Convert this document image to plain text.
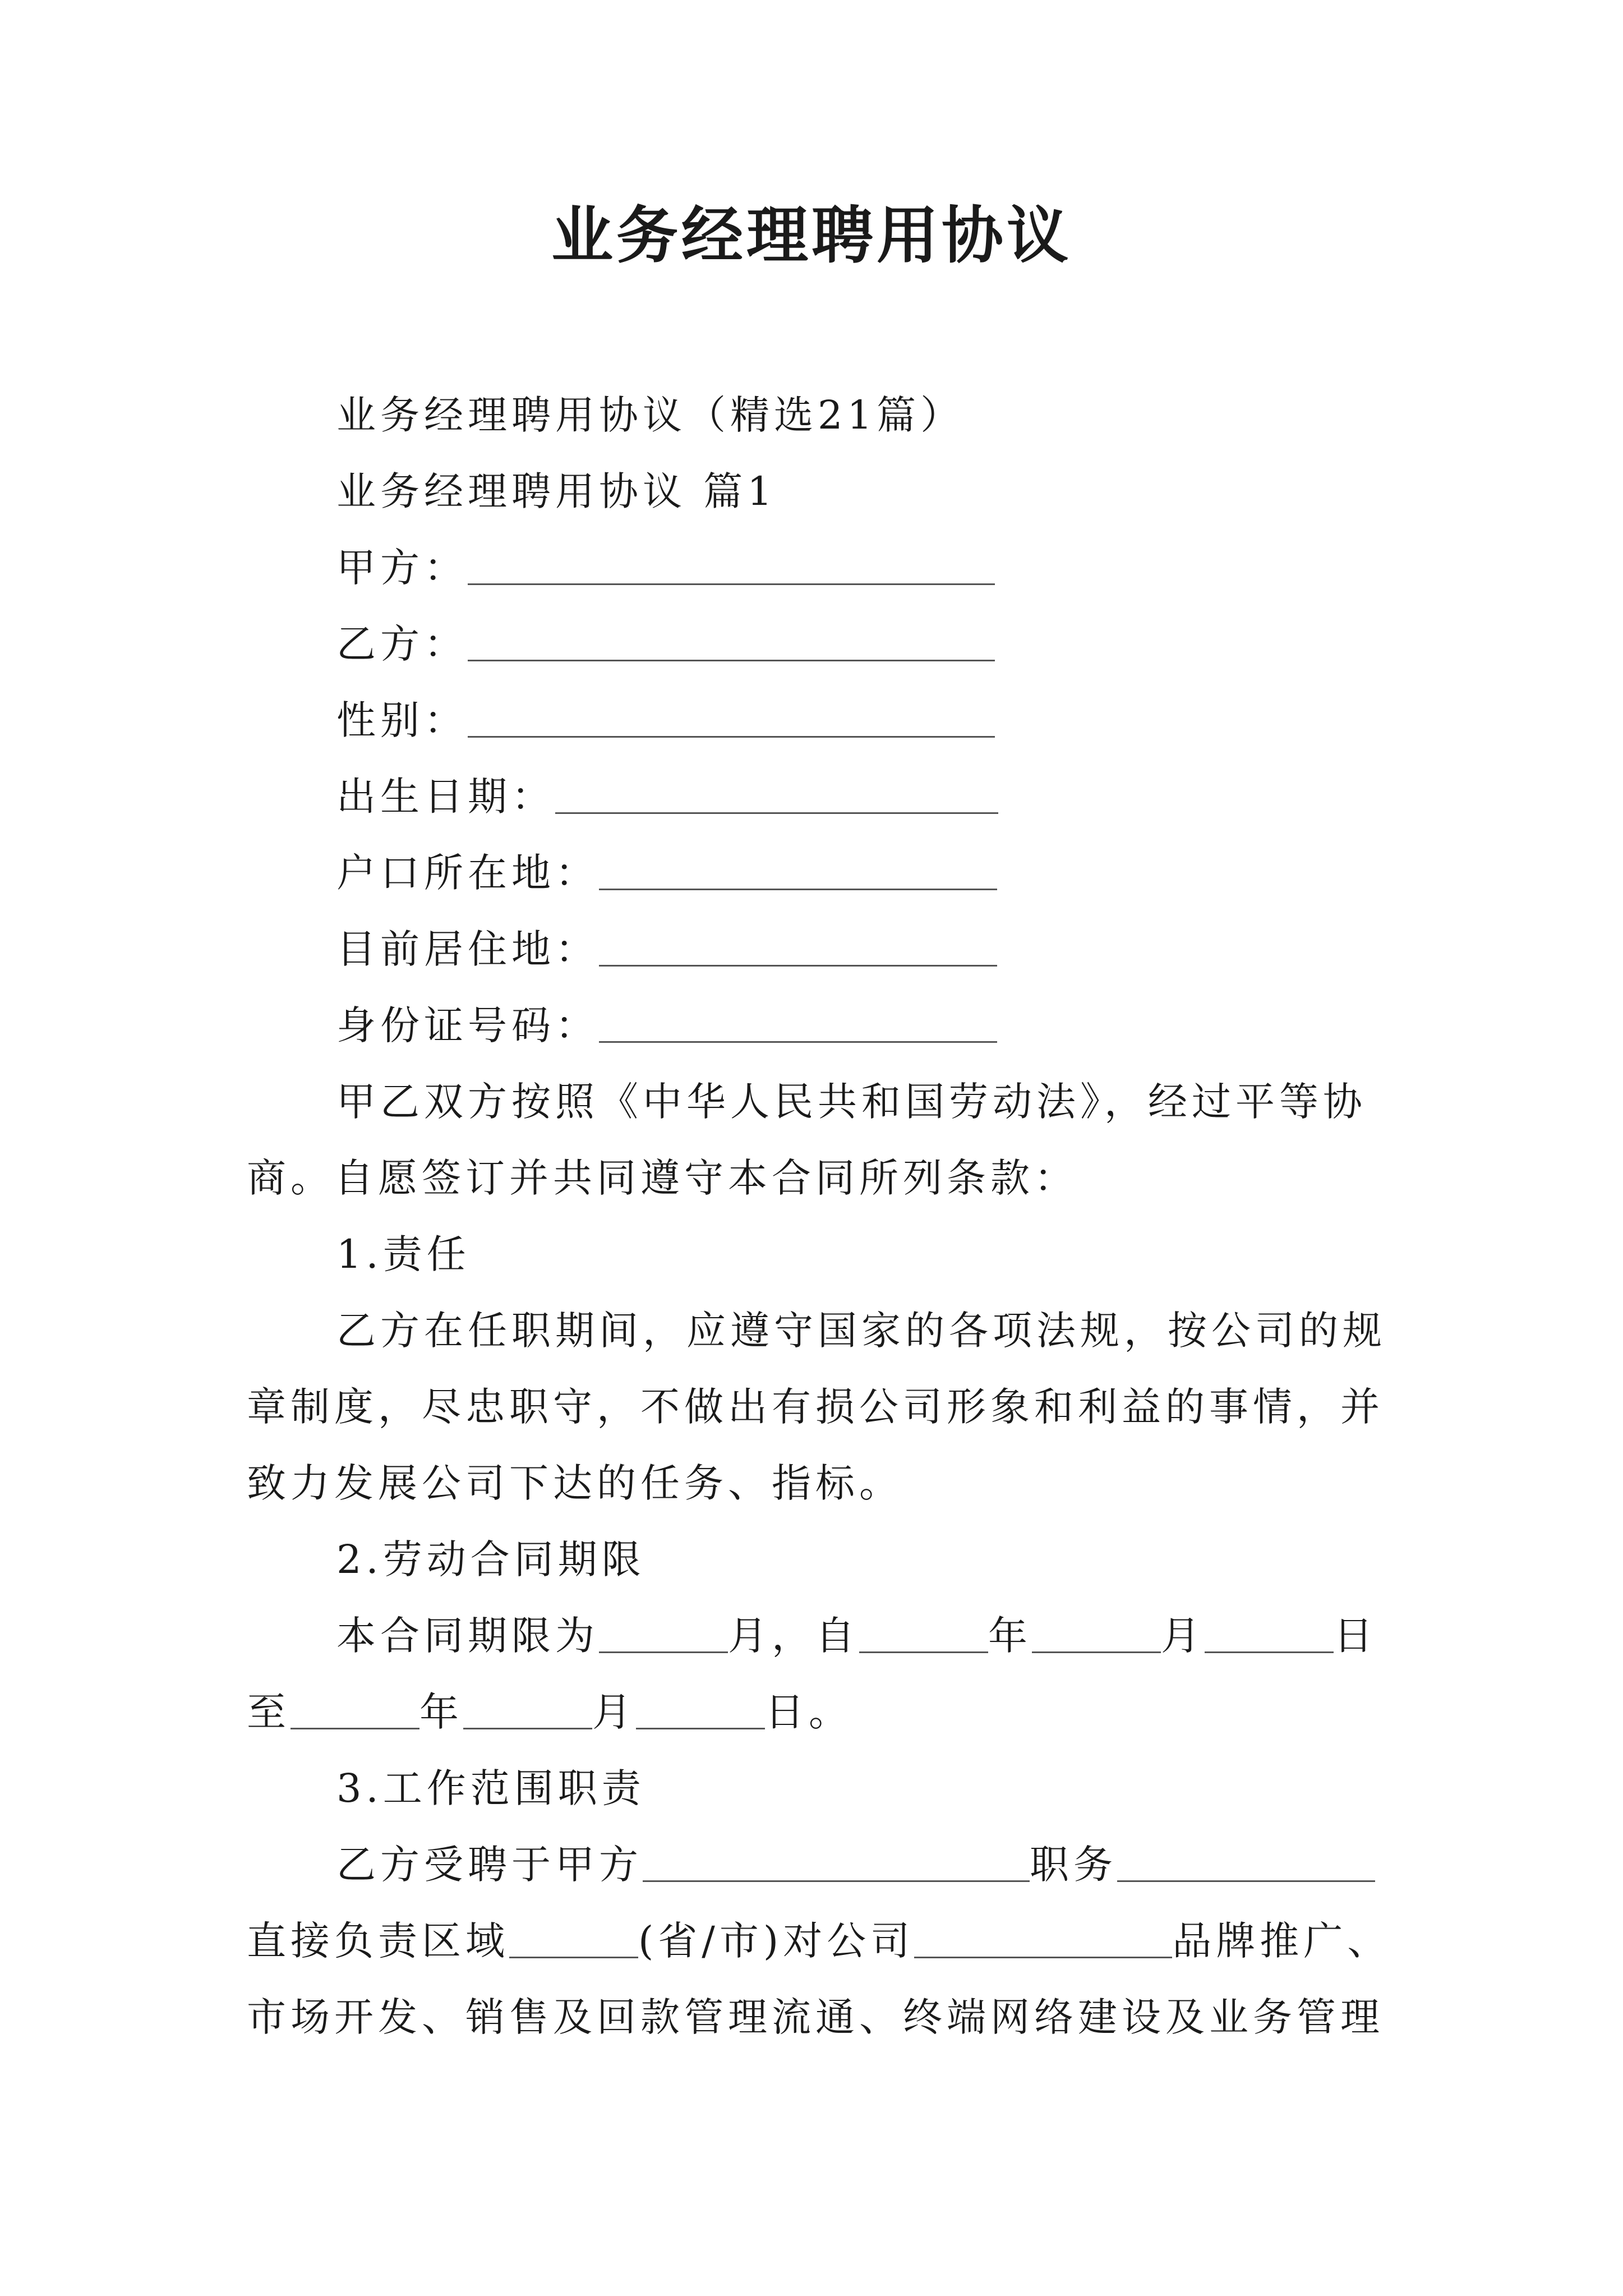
业务经理聘用协议

业务经理聘用协议（精选21篇）

业务经理聘用协议 篇1

甲方：
乙方：
性别：
出生日期：
户口所在地：
目前居住地：
身份证号码：

甲乙双方按照《中华人民共和国劳动法》，经过平等协

商。自愿签订并共同遵守本合同所列条款：

1.责任

乙方在任职期间，应遵守国家的各项法规，按公司的规

章制度，尽忠职守，不做出有损公司形象和利益的事情，并

致力发展公司下达的任务、指标。

2.劳动合同期限

本合同期限为	月，自	年	月	日
至	年	月	日。

3.工作范围职责

乙方受聘于甲方	职务
直接负责区域	(省/市)对公司	品牌推广、

市场开发、销售及回款管理流通、终端网络建设及业务管理
